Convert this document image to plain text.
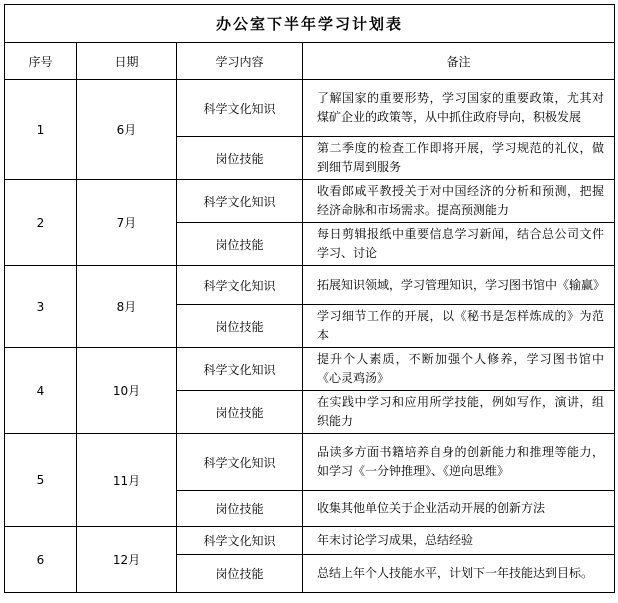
办公室下半年学习计划表			
序号	日期	学习内容	备注
1	6月	科学文化知识	了解国家的重要形势，学习国家的重要政策，尤其对煤矿企业的政策等，从中抓住政府导向，积极发展
		岗位技能	第二季度的检查工作即将开展，学习规范的礼仪，做到细节周到服务
2	7月	科学文化知识	收看郎咸平教授关于对中国经济的分析和预测，把握经济命脉和市场需求。提高预测能力
		岗位技能	每日剪辑报纸中重要信息学习新闻，结合总公司文件学习、讨论
3	8月	科学文化知识	拓展知识领域，学习管理知识，学习图书馆中《输赢》
		岗位技能	学习细节工作的开展，以《秘书是怎样炼成的》为范本
4	10月	科学文化知识	提升个人素质，不断加强个人修养，学习图书馆中《心灵鸡汤》
		岗位技能	在实践中学习和应用所学技能，例如写作，演讲，组织能力
5	11月	科学文化知识	品读多方面书籍培养自身的创新能力和推理等能力，如学习《一分钟推理》、《逆向思维》
		岗位技能	收集其他单位关于企业活动开展的创新方法
6	12月	科学文化知识	年末讨论学习成果，总结经验
		岗位技能	总结上年个人技能水平，计划下一年技能达到目标。
